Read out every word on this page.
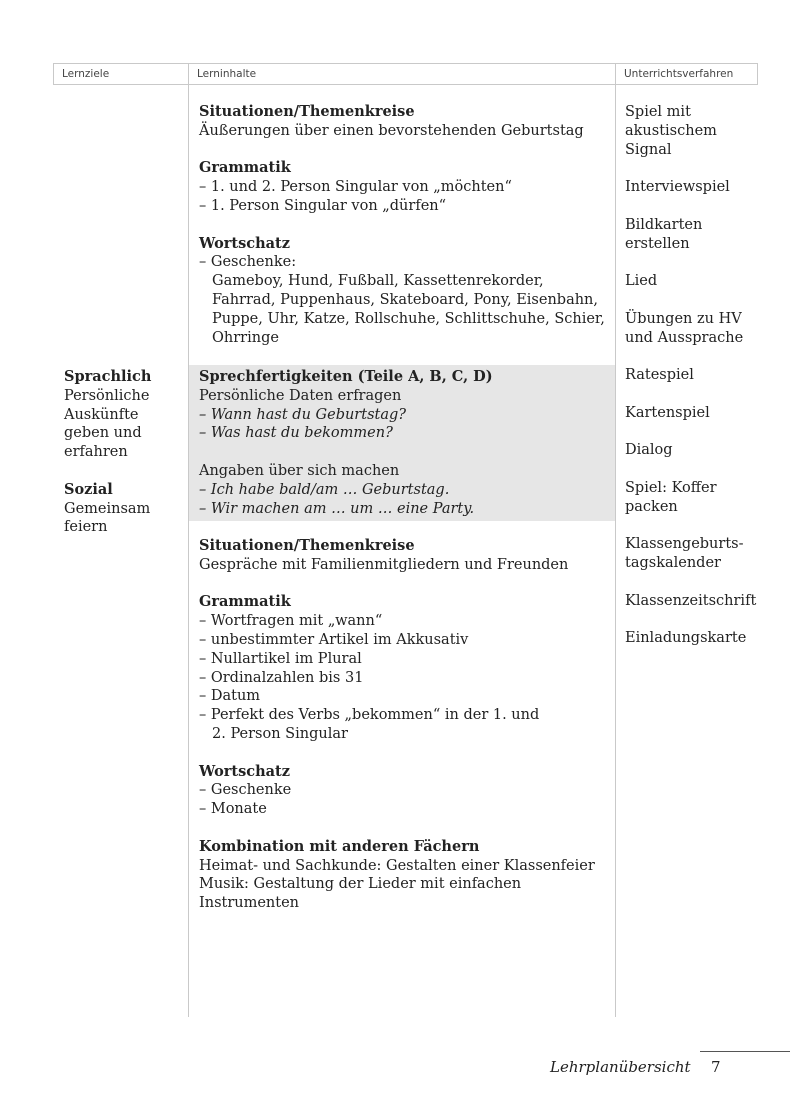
Lernziele	Lerninhalte	Unterrichtsverfahren

Sprachlich

Persönliche

Auskünfte

geben und

erfahren

Sozial

Gemeinsam

feiern

Situationen/Themenkreise

Äußerungen über einen bevorstehenden Geburtstag

Grammatik

– 1. und 2. Person Singular von „möchten“

– 1. Person Singular von „dürfen“

Wortschatz

– Geschenke:

Gameboy, Hund, Fußball, Kassettenrekorder,

Fahrrad, Puppenhaus, Skateboard, Pony, Eisenbahn,

Puppe, Uhr, Katze, Rollschuhe, Schlittschuhe, Schier,

Ohrringe

Sprechfertigkeiten (Teile A, B, C, D)

Persönliche Daten erfragen

– Wann hast du Geburtstag?

– Was hast du bekommen?

Angaben über sich machen

– Ich habe bald/am … Geburtstag.

– Wir machen am … um … eine Party.

Situationen/Themenkreise

Gespräche mit Familienmitgliedern und Freunden

Grammatik

– Wortfragen mit „wann“

– unbestimmter Artikel im Akkusativ

– Nullartikel im Plural

– Ordinalzahlen bis 31

– Datum

– Perfekt des Verbs „bekommen“ in der 1. und

2. Person Singular

Wortschatz

– Geschenke

– Monate

Kombination mit anderen Fächern

Heimat- und Sachkunde: Gestalten einer Klassenfeier

Musik: Gestaltung der Lieder mit einfachen

Instrumenten

Spiel mit

akustischem

Signal

Interviewspiel

Bildkarten

erstellen

Lied

Übungen zu HV

und Aussprache

Ratespiel

Kartenspiel

Dialog

Spiel: Koffer

packen

Klassengeburts-

tagskalender

Klassenzeitschrift

Einladungskarte

Lehrplanübersicht 7
